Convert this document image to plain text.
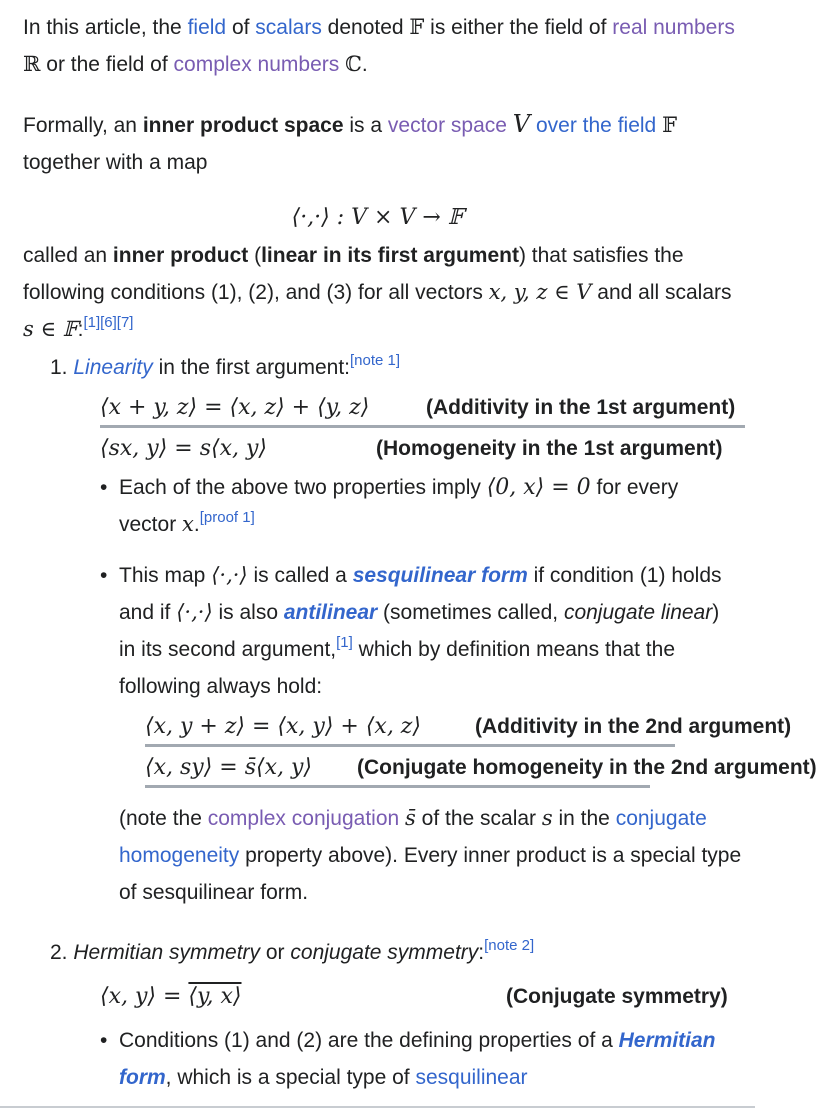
In this article, the field of scalars denoted 𝔽 is either the field of real numbers ℝ or the field of complex numbers ℂ.

Formally, an inner product space is a vector space V over the field 𝔽
together with a map

⟨·,·⟩ : V × V → 𝔽

called an inner product (linear in its first argument) that satisfies the following conditions (1), (2), and (3) for all vectors x, y, z ∈ V and all scalars s ∈ 𝔽:[1][6][7]

1. Linearity in the first argument:[note 1]

⟨x + y, z⟩ = ⟨x, z⟩ + ⟨y, z⟩	(Additivity in the 1st argument)
⟨sx, y⟩ = s⟨x, y⟩	(Homogeneity in the 1st argument)
• Each of the above two properties imply ⟨0, x⟩ = 0 for every vector x.[proof 1]

• This map ⟨·,·⟩ is called a sesquilinear form if condition (1) holds and if ⟨·,·⟩ is also antilinear (sometimes called, conjugate linear) in its second argument,[1] which by definition means that the following always hold:

⟨x, y + z⟩ = ⟨x, y⟩ + ⟨x, z⟩	(Additivity in the 2nd argument)
⟨x, sy⟩ = s̄⟨x, y⟩ (Conjugate homogeneity in the 2nd argument)

(note the complex conjugation s̄ of the scalar s in the conjugate homogeneity property above). Every inner product is a special type of sesquilinear form.

2. Hermitian symmetry or conjugate symmetry:[note 2]

⟨x, y⟩ = ⟨y, x⟩	(Conjugate symmetry)
• Conditions (1) and (2) are the defining properties of a Hermitian form, which is a special type of sesquilinear
